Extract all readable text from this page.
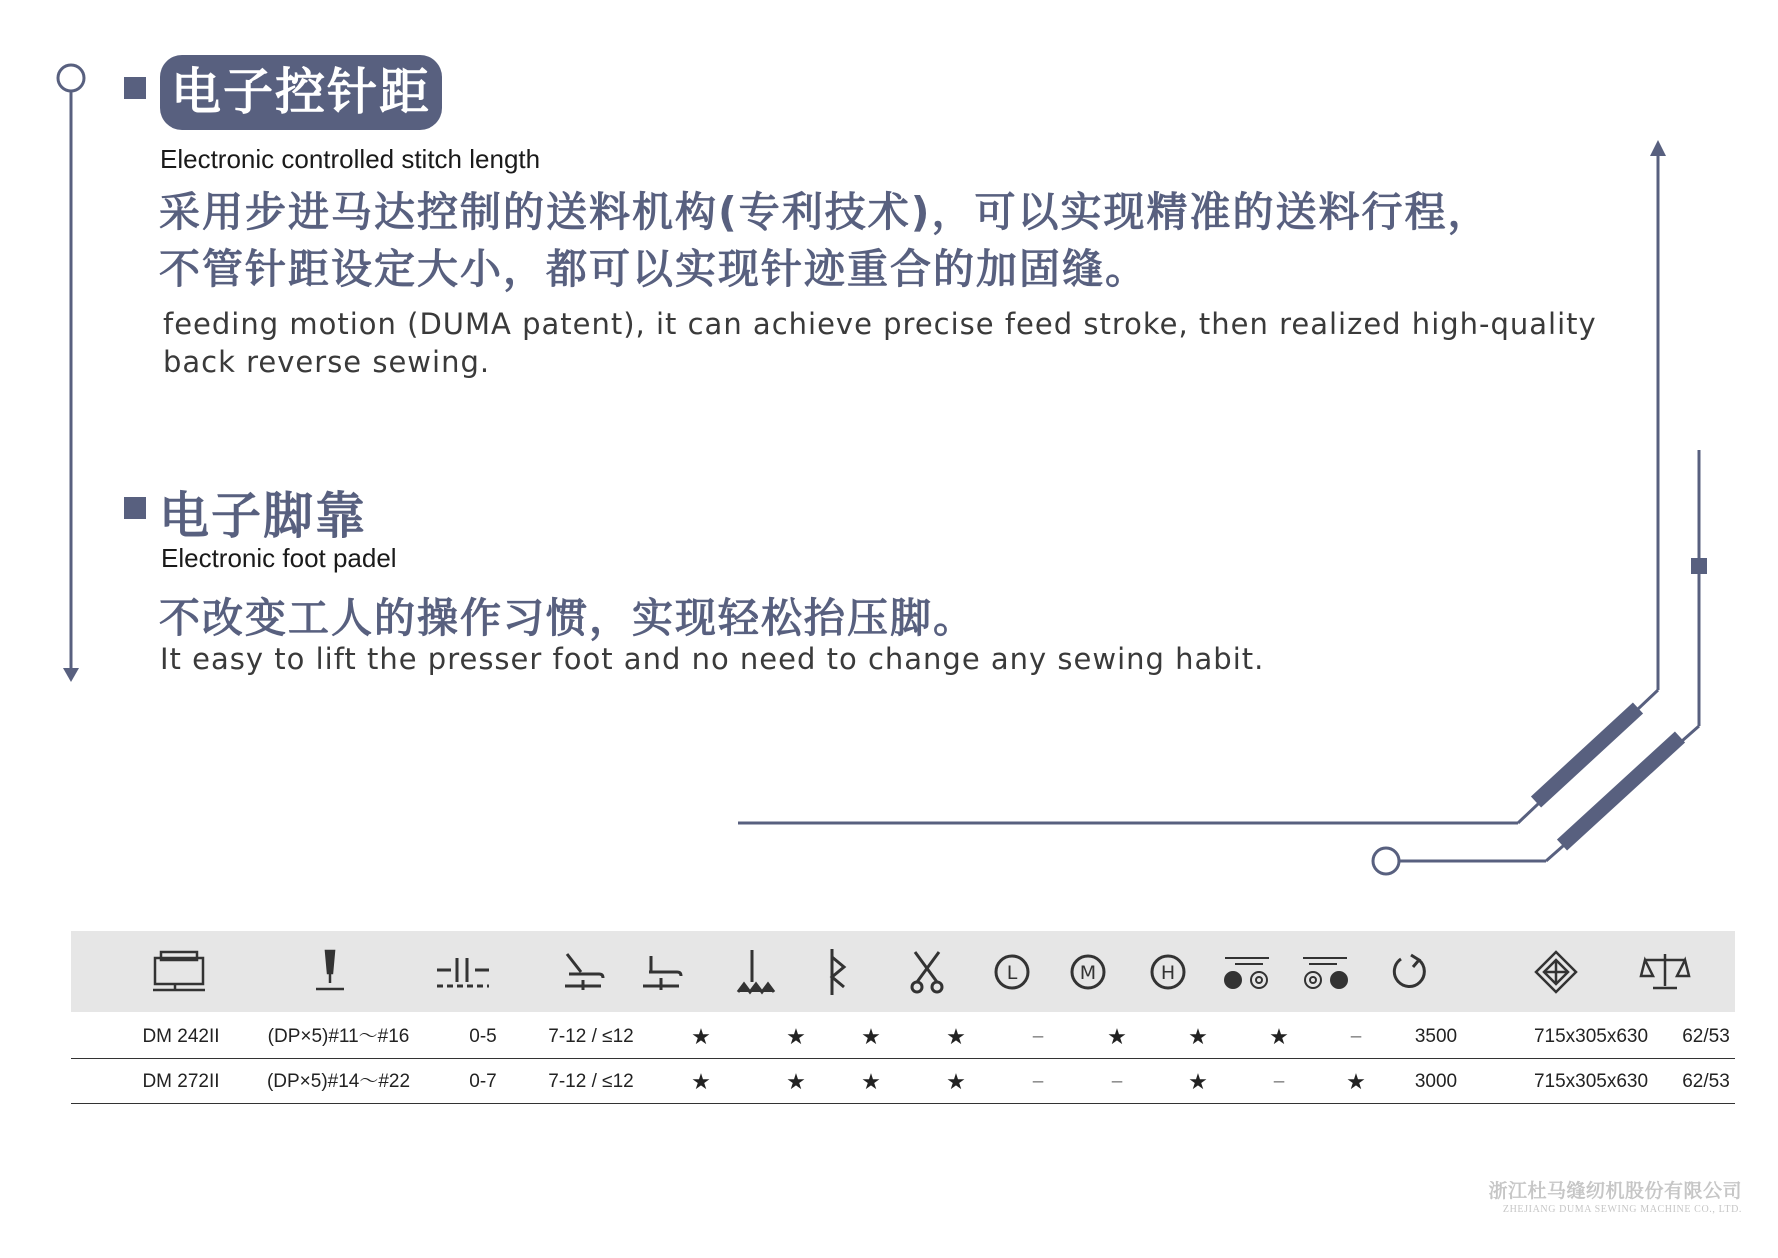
电子控针距
Electronic controlled stitch length
采用步进马达控制的送料机构(专利技术)，可以实现精准的送料行程，
不管针距设定大小，都可以实现针迹重合的加固缝。
feeding motion (DUMA patent), it can achieve precise feed stroke, then realized high-quality
back reverse sewing.
电子脚靠
Electronic foot padel
不改变工人的操作习惯，实现轻松抬压脚。
It easy to lift the presser foot and no need to change any sewing habit.
L	M	H
DM 242II	(DP×5)#11～#16	0-5	7-12 / ≤12	★	★	★	★	–	★	★	★	–	3500	715x305x630	62/53
DM 272II	(DP×5)#14～#22	0-7	7-12 / ≤12	★	★	★	★	–	–	★	–	★	3000	715x305x630	62/53
浙江杜马缝纫机股份有限公司
ZHEJIANG DUMA SEWING MACHINE CO., LTD.
